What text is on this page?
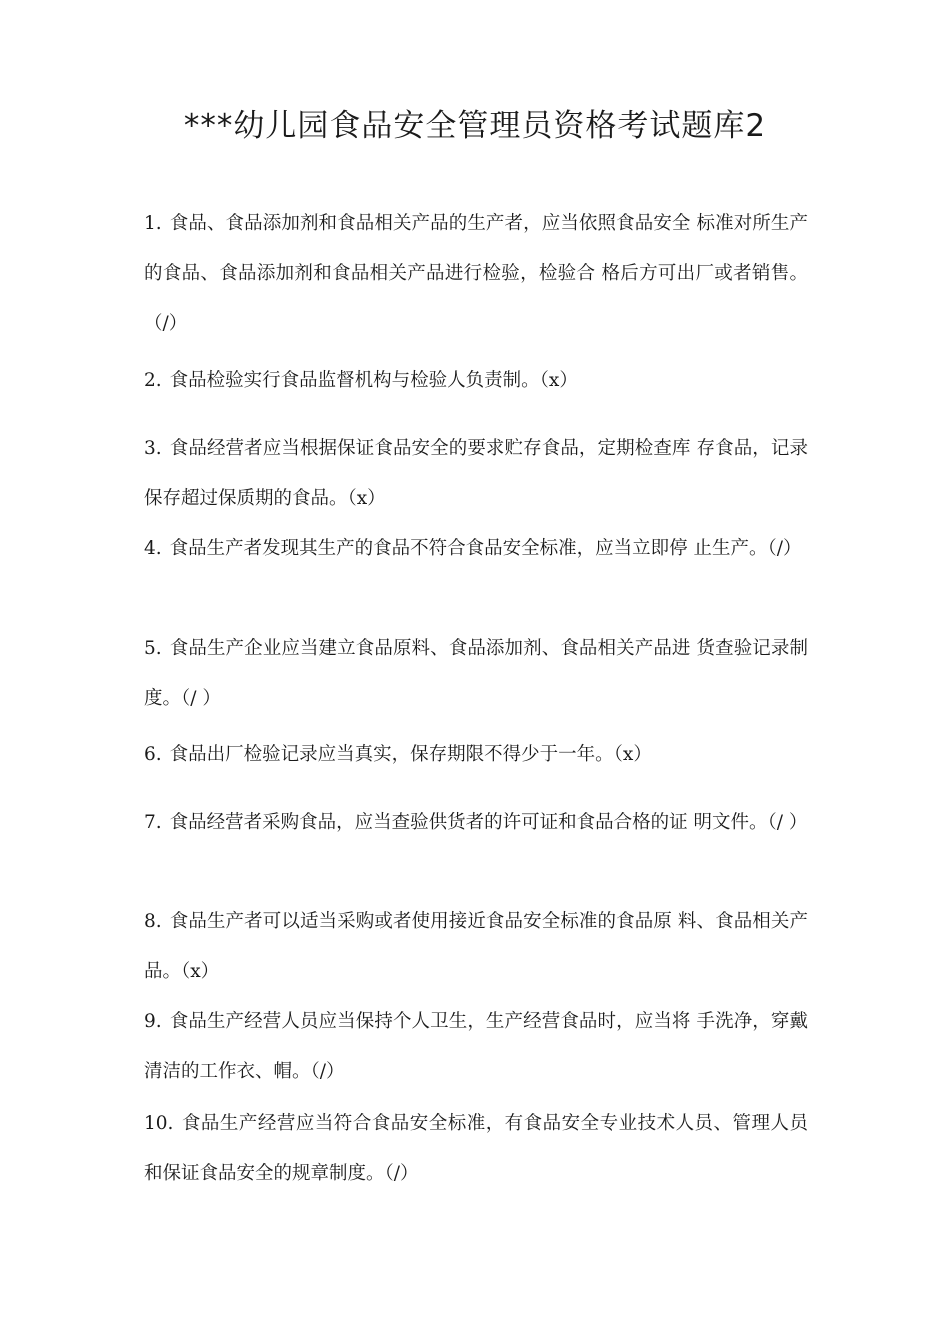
***幼儿园食品安全管理员资格考试题库2

1. 食品、食品添加剂和食品相关产品的生产者，应当依照食品安全 标准对所生产的食品、食品添加剂和食品相关产品进行检验，检验合 格后方可出厂或者销售。（/）

2. 食品检验实行食品监督机构与检验人负责制。（x）

3. 食品经营者应当根据保证食品安全的要求贮存食品，定期检查库 存食品，记录保存超过保质期的食品。（x）

4. 食品生产者发现其生产的食品不符合食品安全标准，应当立即停 止生产。（/）

5. 食品生产企业应当建立食品原料、食品添加剂、食品相关产品进 货查验记录制度。（/ ）

6. 食品出厂检验记录应当真实，保存期限不得少于一年。（x）

7. 食品经营者采购食品，应当查验供货者的许可证和食品合格的证 明文件。（/ ）

8. 食品生产者可以适当采购或者使用接近食品安全标准的食品原 料、食品相关产品。（x）

9. 食品生产经营人员应当保持个人卫生，生产经营食品时，应当将 手洗净，穿戴清洁的工作衣、帽。（/）

10. 食品生产经营应当符合食品安全标准，有食品安全专业技术人员、管理人员和保证食品安全的规章制度。（/）
